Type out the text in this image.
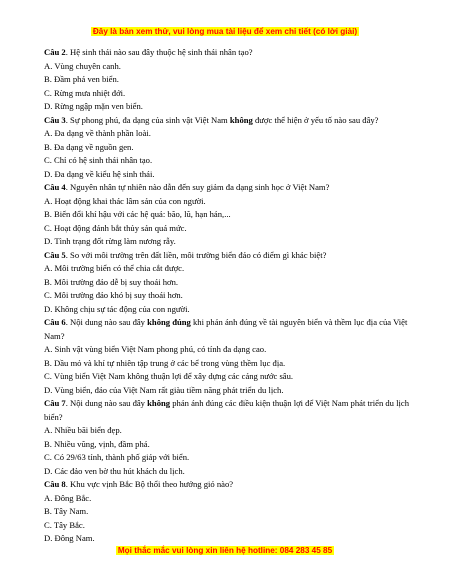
Đây là bản xem thử, vui lòng mua tài liệu để xem chi tiết (có lời giải)

Câu 2. Hệ sinh thái nào sau đây thuộc hệ sinh thái nhân tạo?

A. Vùng chuyên canh.

B. Đầm phá ven biển.

C. Rừng mưa nhiệt đới.

D. Rừng ngập mặn ven biển.

Câu 3. Sự phong phú, đa dạng của sinh vật Việt Nam không được thể hiện ở yếu tố nào sau đây?

A. Đa dạng về thành phần loài.

B. Đa dạng về nguồn gen.

C. Chỉ có hệ sinh thái nhân tạo.

D. Đa dạng về kiểu hệ sinh thái.

Câu 4. Nguyên nhân tự nhiên nào dẫn đến suy giảm đa dạng sinh học ở Việt Nam?

A. Hoạt động khai thác lâm sản của con người.

B. Biến đổi khí hậu với các hệ quả: bão, lũ, hạn hán,...

C. Hoạt động đánh bắt thủy sản quá mức.

D. Tình trạng đốt rừng làm nương rẫy.

Câu 5. So với môi trường trên đất liền, môi trường biển đảo có điểm gì khác biệt?

A. Môi trường biển có thể chia cắt được.

B. Môi trường đảo dễ bị suy thoái hơn.

C. Môi trường đảo khó bị suy thoái hơn.

D. Không chịu sự tác động của con người.

Câu 6. Nội dung nào sau đây không đúng khi phản ánh đúng về tài nguyên biển và thềm lục địa của Việt Nam?

A. Sinh vật vùng biển Việt Nam phong phú, có tính đa dạng cao.

B. Dầu mỏ và khí tự nhiên tập trung ở các bể trong vùng thềm lục địa.

C. Vùng biển Việt Nam không thuận lợi để xây dựng các cảng nước sâu.

D. Vùng biển, đảo của Việt Nam rất giàu tiềm năng phát triển du lịch.

Câu 7. Nội dung nào sau đây không phản ánh đúng các điều kiện thuận lợi để Việt Nam phát triển du lịch biển?

A. Nhiều bãi biển đẹp.

B. Nhiều vũng, vịnh, đầm phá.

C. Có 29/63 tỉnh, thành phố giáp với biển.

D. Các đảo ven bờ thu hút khách du lịch.

Câu 8. Khu vực vịnh Bắc Bộ thổi theo hướng gió nào?

A. Đông Bắc.

B. Tây Nam.

C. Tây Bắc.

D. Đông Nam.

Mọi thắc mắc vui lòng xin liên hệ hotline: 084 283 45 85
